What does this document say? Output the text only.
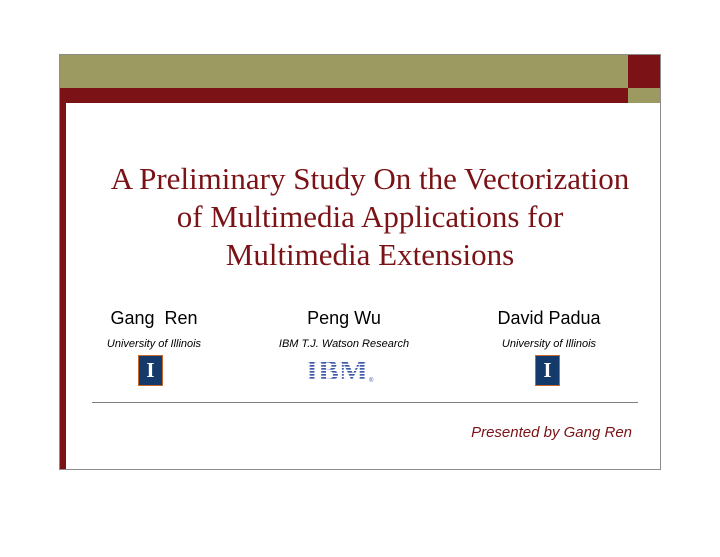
A Preliminary Study On the Vectorization
of Multimedia Applications for
Multimedia Extensions
Gang  Ren
University of Illinois
Peng Wu
IBM T.J. Watson Research
David Padua
University of Illinois
I	I
IBM ®
Presented by Gang Ren
